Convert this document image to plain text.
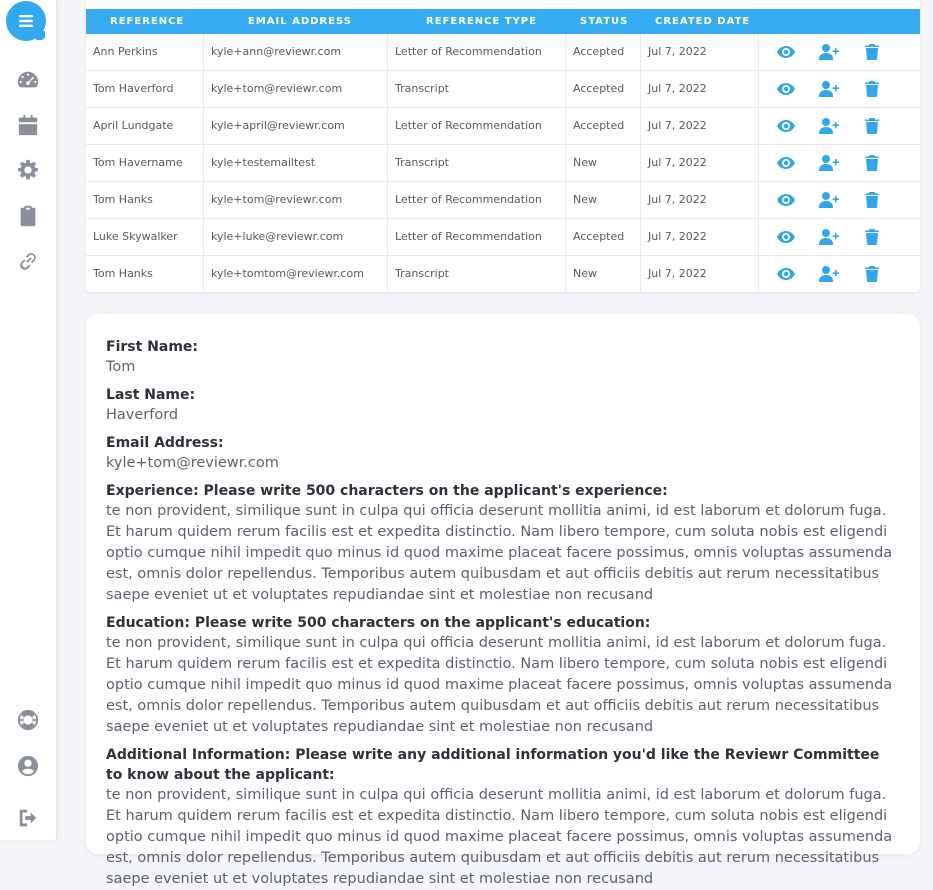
REFERENCE	EMAIL ADDRESS	REFERENCE TYPE	STATUS	CREATED DATE
Ann Perkins	kyle+ann@reviewr.com	Letter of Recommendation	Accepted Jul 7, 2022
Tom Haverford	kyle+tom@reviewr.com	Transcript	Accepted Jul 7, 2022
April Lundgate	kyle+april@reviewr.com	Letter of Recommendation	Accepted Jul 7, 2022
Tom Havername	kyle+testemailtest	Transcript	New	Jul 7, 2022
Tom Hanks	kyle+tom@reviewr.com	Letter of Recommendation	New	Jul 7, 2022
Luke Skywalker	kyle+luke@reviewr.com	Letter of Recommendation	Accepted Jul 7, 2022
Tom Hanks	kyle+tomtom@reviewr.com	Transcript	New	Jul 7, 2022
First Name:
Tom
Last Name:
Haverford
Email Address:
kyle+tom@reviewr.com
Experience: Please write 500 characters on the applicant's experience:
te non provident, similique sunt in culpa qui officia deserunt mollitia animi, id est laborum et dolorum fuga. Et harum quidem rerum facilis est et expedita distinctio. Nam libero tempore, cum soluta nobis est eligendi optio cumque nihil impedit quo minus id quod maxime placeat facere possimus, omnis voluptas assumenda est, omnis dolor repellendus. Temporibus autem quibusdam et aut officiis debitis aut rerum necessitatibus saepe eveniet ut et voluptates repudiandae sint et molestiae non recusand
Education: Please write 500 characters on the applicant's education:
te non provident, similique sunt in culpa qui officia deserunt mollitia animi, id est laborum et dolorum fuga. Et harum quidem rerum facilis est et expedita distinctio. Nam libero tempore, cum soluta nobis est eligendi optio cumque nihil impedit quo minus id quod maxime placeat facere possimus, omnis voluptas assumenda est, omnis dolor repellendus. Temporibus autem quibusdam et aut officiis debitis aut rerum necessitatibus saepe eveniet ut et voluptates repudiandae sint et molestiae non recusand
Additional Information: Please write any additional information you'd like the Reviewr Committee to know about the applicant:
te non provident, similique sunt in culpa qui officia deserunt mollitia animi, id est laborum et dolorum fuga. Et harum quidem rerum facilis est et expedita distinctio. Nam libero tempore, cum soluta nobis est eligendi optio cumque nihil impedit quo minus id quod maxime placeat facere possimus, omnis voluptas assumenda est, omnis dolor repellendus. Temporibus autem quibusdam et aut officiis debitis aut rerum necessitatibus saepe eveniet ut et voluptates repudiandae sint et molestiae non recusand
